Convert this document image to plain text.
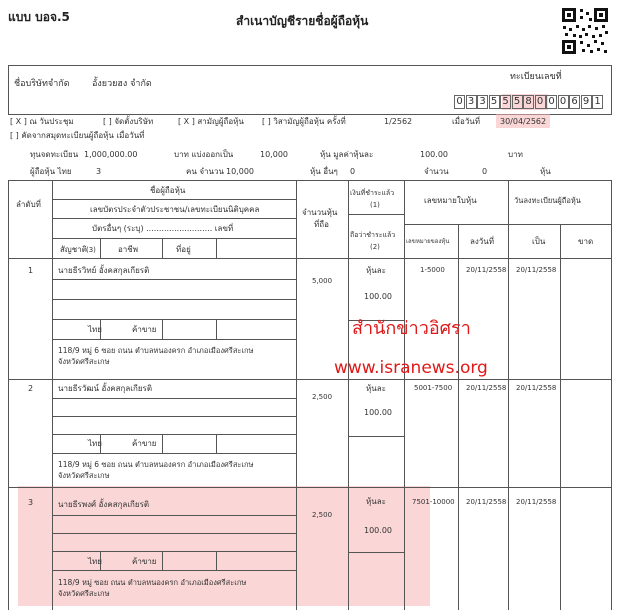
แบบ บอจ.5	สำเนาบัญชีรายชื่อผู้ถือหุ้น
ชื่อบริษัทจำกัด อั้งยวยฮง จำกัด
ทะเบียนเลขที่
0 3 3 5 5 5 8 0 0 0 6 9 1
[ X ] ณ วันประชุม	[ ] จัดตั้งบริษัท	[ X ] สามัญผู้ถือหุ้น [ ] วิสามัญผู้ถือหุ้น ครั้งที่	1/2562	เมื่อวันที่ 30/04/2562
[ ] คัดจากสมุดทะเบียนผู้ถือหุ้น เมื่อวันที่
ทุนจดทะเบียน 1,000,000.00	บาท แบ่งออกเป็น	10,000	หุ้น มูลค่าหุ้นละ	100.00	บาท
ผู้ถือหุ้น ไทย	3	คน จำนวน 10,000	หุ้น อื่นๆ 0	จำนวน	0	หุ้น
ลำดับที่
ชื่อผู้ถือหุ้น
เลขบัตรประจำตัวประชาชน/เลขทะเบียนนิติบุคคล
บัตรอื่นๆ (ระบุ) .......................... เลขที่
สัญชาติ (3)	อาชีพ	ที่อยู่
จำนวนหุ้น
ที่ถือ
เงินที่ชำระแล้ว
(1)
ถือว่าชำระแล้ว
(2)
เลขหมายใบหุ้น
เลขหมายของหุ้น	ลงวันที่
วันลงทะเบียนผู้ถือหุ้น
เป็น	ขาด
1	นายธีรวิทย์ อั้งคสกุลเกียรติ
5,000
หุ้นละ
100.00
1-5000	20/11/2558 20/11/2558
ไทย	ค้าขาย
118/9 หมู่ 6 ซอย ถนน ตำบลหนองครก อำเภอเมืองศรีสะเกษ
จังหวัดศรีสะเกษ
2	นายธีรวัฒน์ อั้งคสกุลเกียรติ
2,500
หุ้นละ
100.00
5001-7500 20/11/2558 20/11/2558
ไทย	ค้าขาย
118/9 หมู่ 6 ซอย ถนน ตำบลหนองครก อำเภอเมืองศรีสะเกษ
จังหวัดศรีสะเกษ
3	นายธีรพงศ์ อั้งคสกุลเกียรติ
2,500
หุ้นละ
100.00
7501-10000 20/11/2558 20/11/2558
ไทย	ค้าขาย
118/9 หมู่ ซอย ถนน ตำบลหนองครก อำเภอเมืองศรีสะเกษ
จังหวัดศรีสะเกษ
สำนักข่าวอิศรา
www.isranews.org
